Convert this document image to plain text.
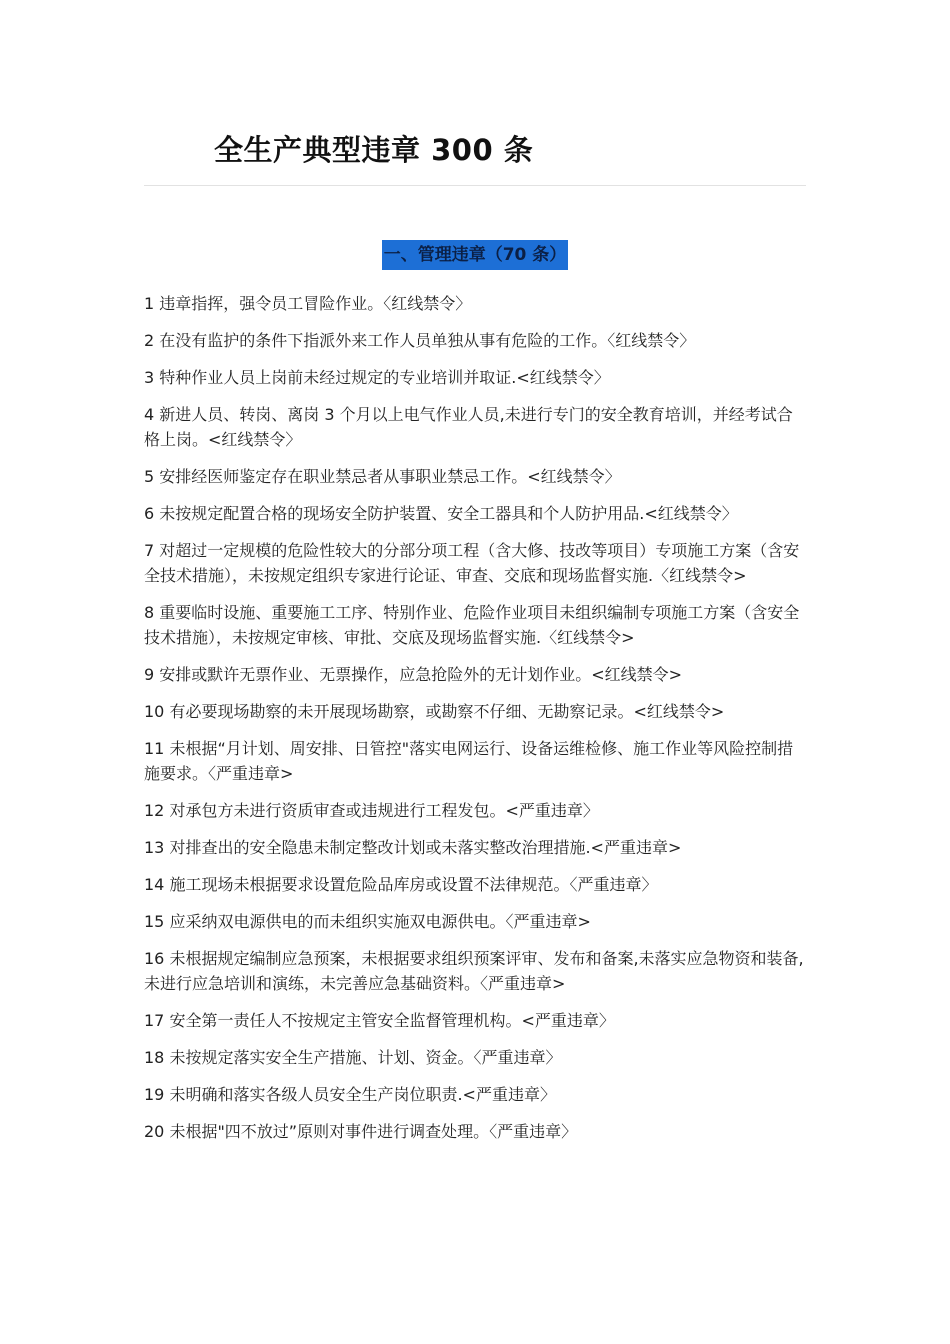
全生产典型违章 300 条
一、管理违章（70 条）
1 违章指挥，强令员工冒险作业。〈红线禁令〉
2 在没有监护的条件下指派外来工作人员单独从事有危险的工作。〈红线禁令〉
3 特种作业人员上岗前未经过规定的专业培训并取证.<红线禁令〉
4 新进人员、转岗、离岗 3 个月以上电气作业人员,未进行专门的安全教育培训，并经考试合格上岗。<红线禁令〉
5 安排经医师鉴定存在职业禁忌者从事职业禁忌工作。<红线禁令〉
6 未按规定配置合格的现场安全防护装置、安全工器具和个人防护用品.<红线禁令〉
7 对超过一定规模的危险性较大的分部分项工程（含大修、技改等项目）专项施工方案（含安全技术措施），未按规定组织专家进行论证、审查、交底和现场监督实施.〈红线禁令>
8 重要临时设施、重要施工工序、特别作业、危险作业项目未组织编制专项施工方案（含安全技术措施），未按规定审核、审批、交底及现场监督实施.〈红线禁令>
9 安排或默许无票作业、无票操作，应急抢险外的无计划作业。<红线禁令>
10 有必要现场勘察的未开展现场勘察，或勘察不仔细、无勘察记录。<红线禁令>
11 未根据“月计划、周安排、日管控"落实电网运行、设备运维检修、施工作业等风险控制措施要求。〈严重违章>
12 对承包方未进行资质审查或违规进行工程发包。<严重违章〉
13 对排查出的安全隐患未制定整改计划或未落实整改治理措施.<严重违章>
14 施工现场未根据要求设置危险品库房或设置不法律规范。〈严重违章〉
15 应采纳双电源供电的而未组织实施双电源供电。〈严重违章>
16 未根据规定编制应急预案，未根据要求组织预案评审、发布和备案,未落实应急物资和装备,未进行应急培训和演练，未完善应急基础资料。〈严重违章>
17 安全第一责任人不按规定主管安全监督管理机构。<严重违章〉
18 未按规定落实安全生产措施、计划、资金。〈严重违章〉
19 未明确和落实各级人员安全生产岗位职责.<严重违章〉
20 未根据"四不放过”原则对事件进行调查处理。〈严重违章〉
